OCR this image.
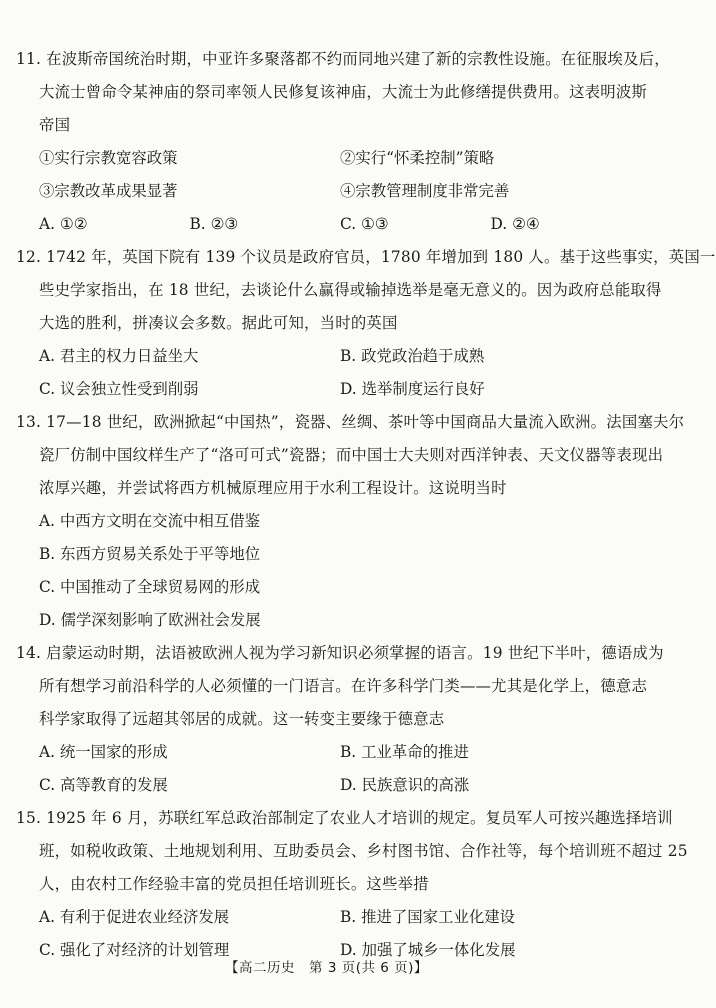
11. 在波斯帝国统治时期，中亚许多聚落都不约而同地兴建了新的宗教性设施。在征服埃及后，
大流士曾命令某神庙的祭司率领人民修复该神庙，大流士为此修缮提供费用。这表明波斯
帝国
①实行宗教宽容政策	②实行“怀柔控制”策略
③宗教改革成果显著	④宗教管理制度非常完善
A. ①②	B. ②③	C. ①③	D. ②④
12. 1742 年，英国下院有 139 个议员是政府官员，1780 年增加到 180 人。基于这些事实，英国一
些史学家指出，在 18 世纪，去谈论什么赢得或输掉选举是毫无意义的。因为政府总能取得
大选的胜利，拼凑议会多数。据此可知，当时的英国
A. 君主的权力日益坐大	B. 政党政治趋于成熟
C. 议会独立性受到削弱	D. 选举制度运行良好
13. 17—18 世纪，欧洲掀起“中国热”，瓷器、丝绸、茶叶等中国商品大量流入欧洲。法国塞夫尔
瓷厂仿制中国纹样生产了“洛可可式”瓷器；而中国士大夫则对西洋钟表、天文仪器等表现出
浓厚兴趣，并尝试将西方机械原理应用于水利工程设计。这说明当时
A. 中西方文明在交流中相互借鉴
B. 东西方贸易关系处于平等地位
C. 中国推动了全球贸易网的形成
D. 儒学深刻影响了欧洲社会发展
14. 启蒙运动时期，法语被欧洲人视为学习新知识必须掌握的语言。19 世纪下半叶，德语成为
所有想学习前沿科学的人必须懂的一门语言。在许多科学门类——尤其是化学上，德意志
科学家取得了远超其邻居的成就。这一转变主要缘于德意志
A. 统一国家的形成	B. 工业革命的推进
C. 高等教育的发展	D. 民族意识的高涨
15. 1925 年 6 月，苏联红军总政治部制定了农业人才培训的规定。复员军人可按兴趣选择培训
班，如税收政策、土地规划利用、互助委员会、乡村图书馆、合作社等，每个培训班不超过 25
人，由农村工作经验丰富的党员担任培训班长。这些举措
A. 有利于促进农业经济发展	B. 推进了国家工业化建设
C. 强化了对经济的计划管理	D. 加强了城乡一体化发展
【高二历史　第 3 页(共 6 页)】
